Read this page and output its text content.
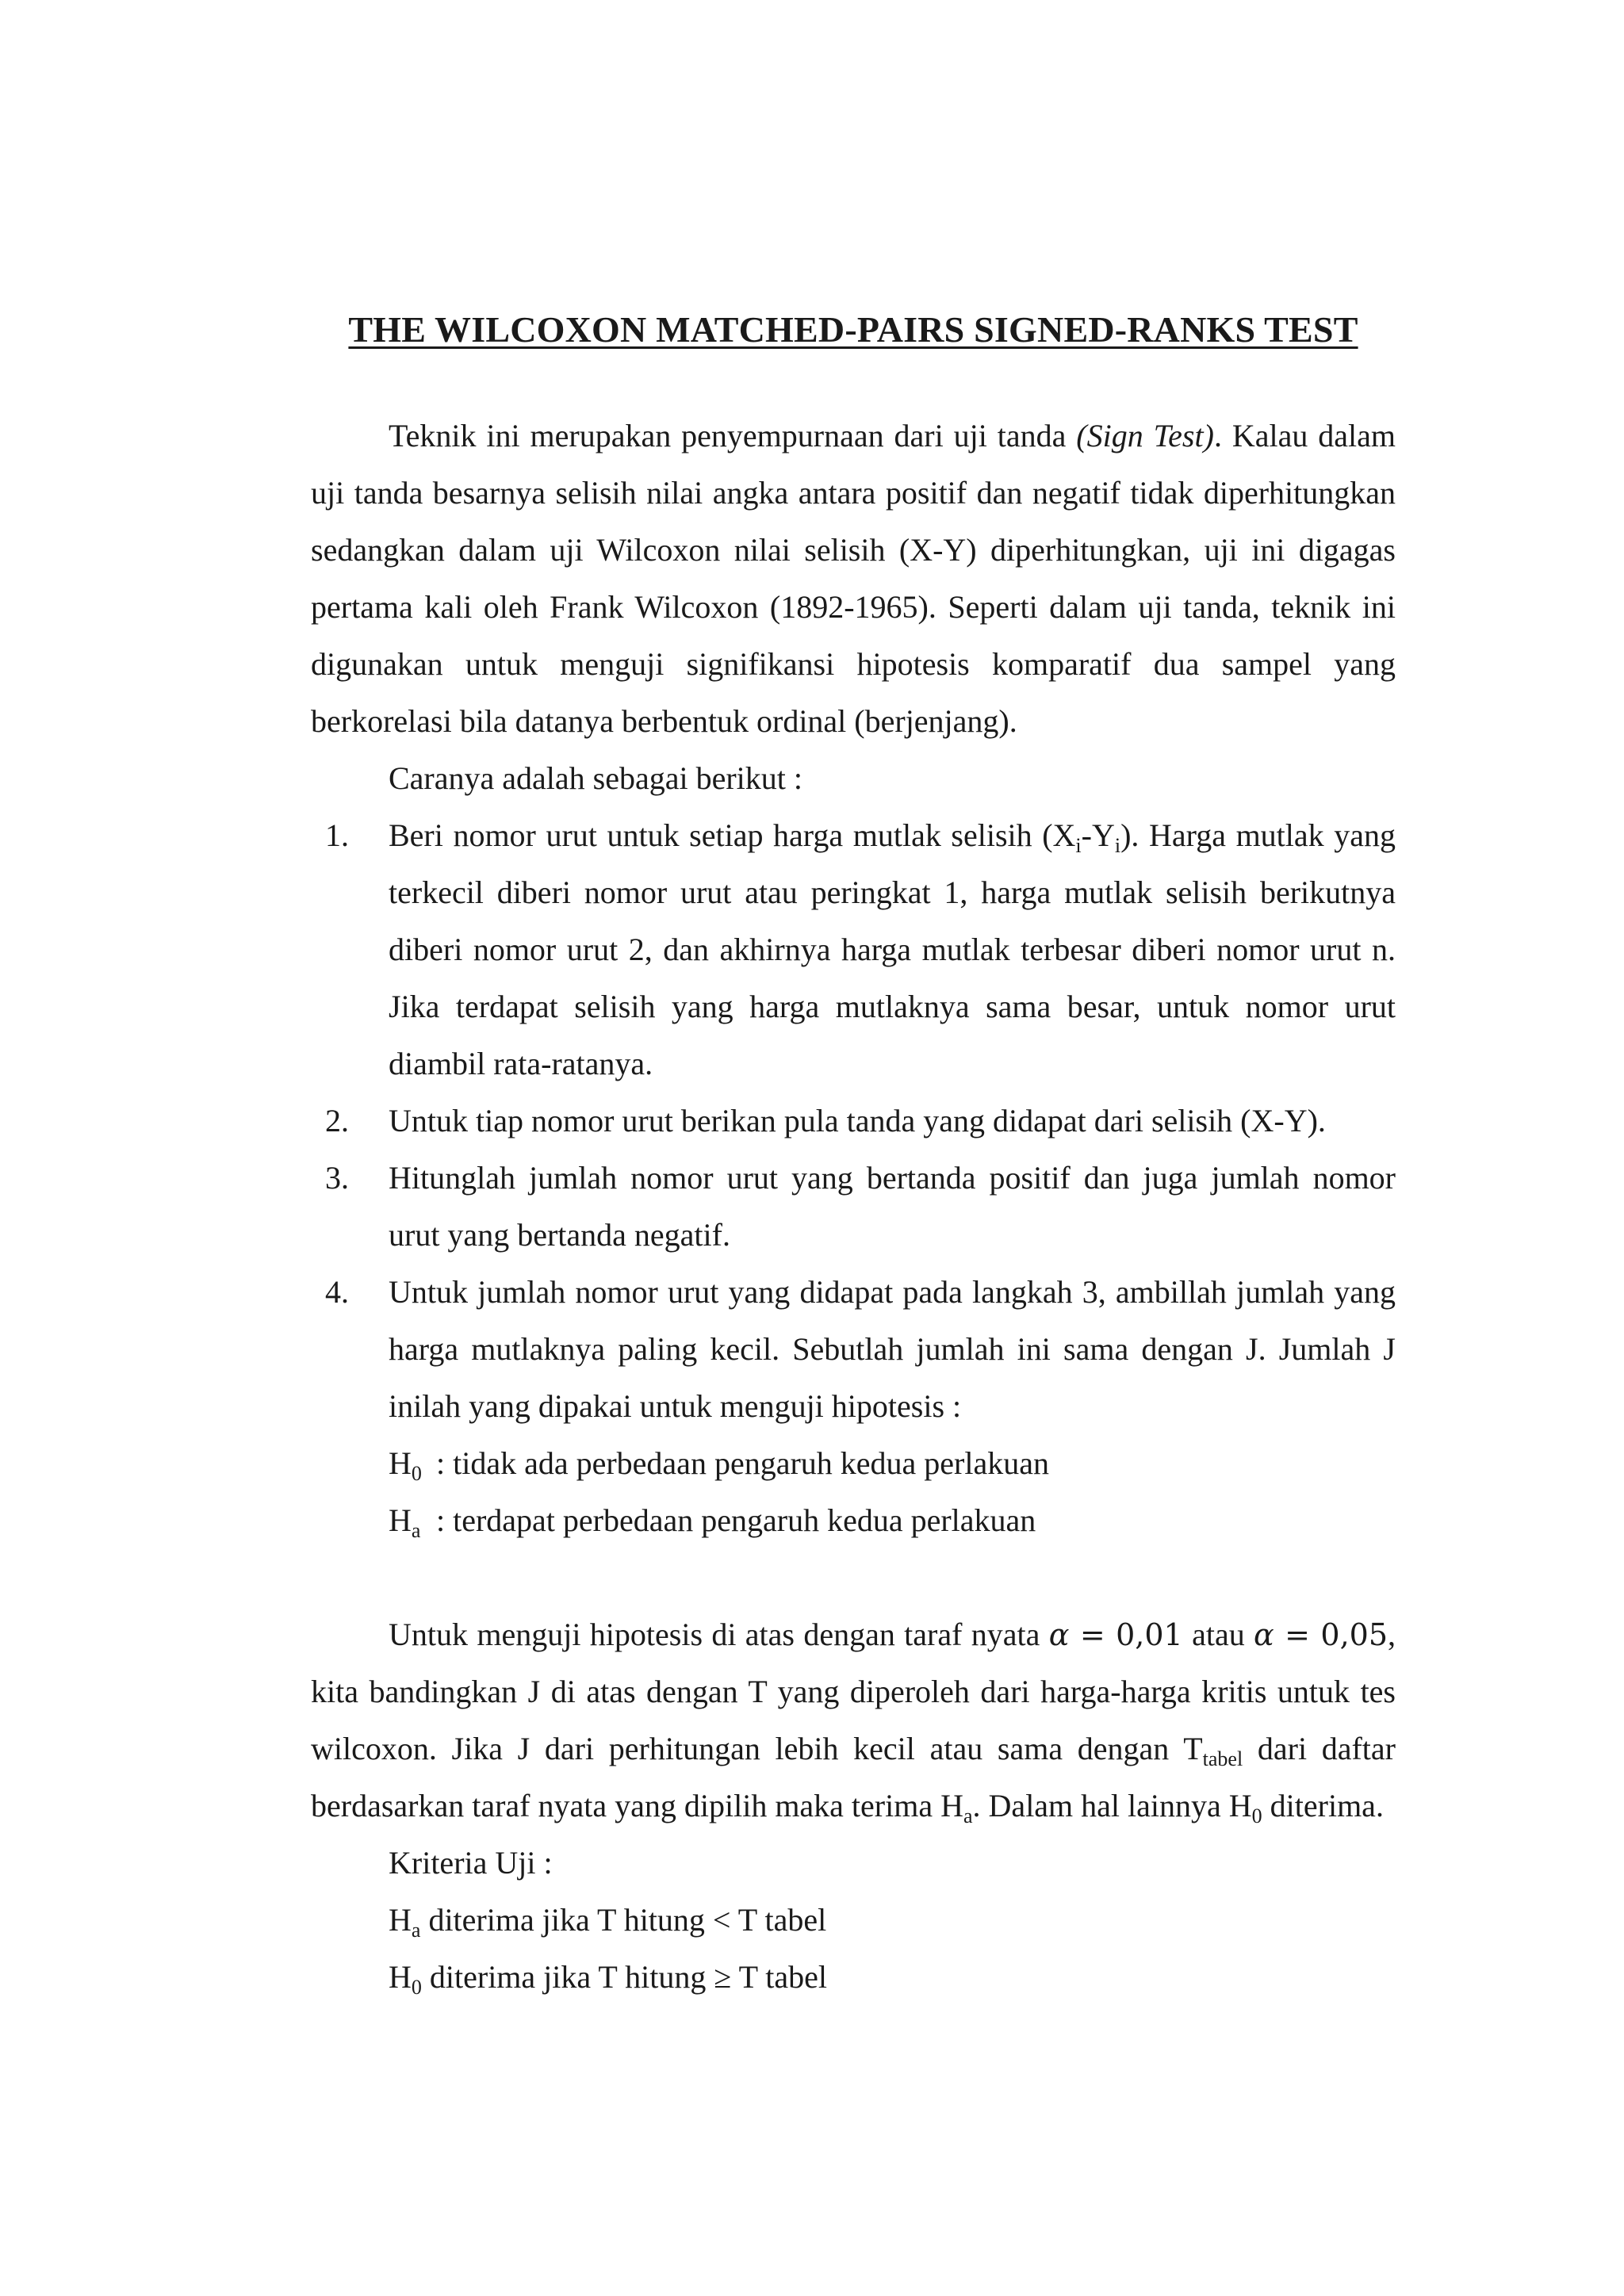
THE WILCOXON MATCHED-PAIRS SIGNED-RANKS TEST

Teknik ini merupakan penyempurnaan dari uji tanda (Sign Test). Kalau dalam uji tanda besarnya selisih nilai angka antara positif dan negatif tidak diperhitungkan sedangkan dalam uji Wilcoxon nilai selisih (X-Y) diperhitungkan, uji ini digagas pertama kali oleh Frank Wilcoxon (1892-1965). Seperti dalam uji tanda, teknik ini digunakan untuk menguji signifikansi hipotesis komparatif dua sampel yang berkorelasi bila datanya berbentuk ordinal (berjenjang).

Caranya adalah sebagai berikut :

1. Beri nomor urut untuk setiap harga mutlak selisih $(X_i-Y_i)$. Harga mutlak yang terkecil diberi nomor urut atau peringkat 1, harga mutlak selisih berikutnya diberi nomor urut 2, dan akhirnya harga mutlak terbesar diberi nomor urut n. Jika terdapat selisih yang harga mutlaknya sama besar, untuk nomor urut diambil rata-ratanya.
2. Untuk tiap nomor urut berikan pula tanda yang didapat dari selisih (X-Y).
3. Hitunglah jumlah nomor urut yang bertanda positif dan juga jumlah nomor urut yang bertanda negatif.
4. Untuk jumlah nomor urut yang didapat pada langkah 3, ambillah jumlah yang harga mutlaknya paling kecil. Sebutlah jumlah ini sama dengan J. Jumlah J inilah yang dipakai untuk menguji hipotesis :
$H_0$ : tidak ada perbedaan pengaruh kedua perlakuan
$H_a$ : terdapat perbedaan pengaruh kedua perlakuan

Untuk menguji hipotesis di atas dengan taraf nyata α = 0,01 atau α = 0,05, kita bandingkan J di atas dengan T yang diperoleh dari harga-harga kritis untuk tes wilcoxon. Jika J dari perhitungan lebih kecil atau sama dengan $T_{tabel}$ dari daftar berdasarkan taraf nyata yang dipilih maka terima $H_a$. Dalam hal lainnya $H_0$ diterima.

Kriteria Uji :

$H_a$ diterima jika T hitung < T tabel
$H_0$ diterima jika T hitung ≥ T tabel
